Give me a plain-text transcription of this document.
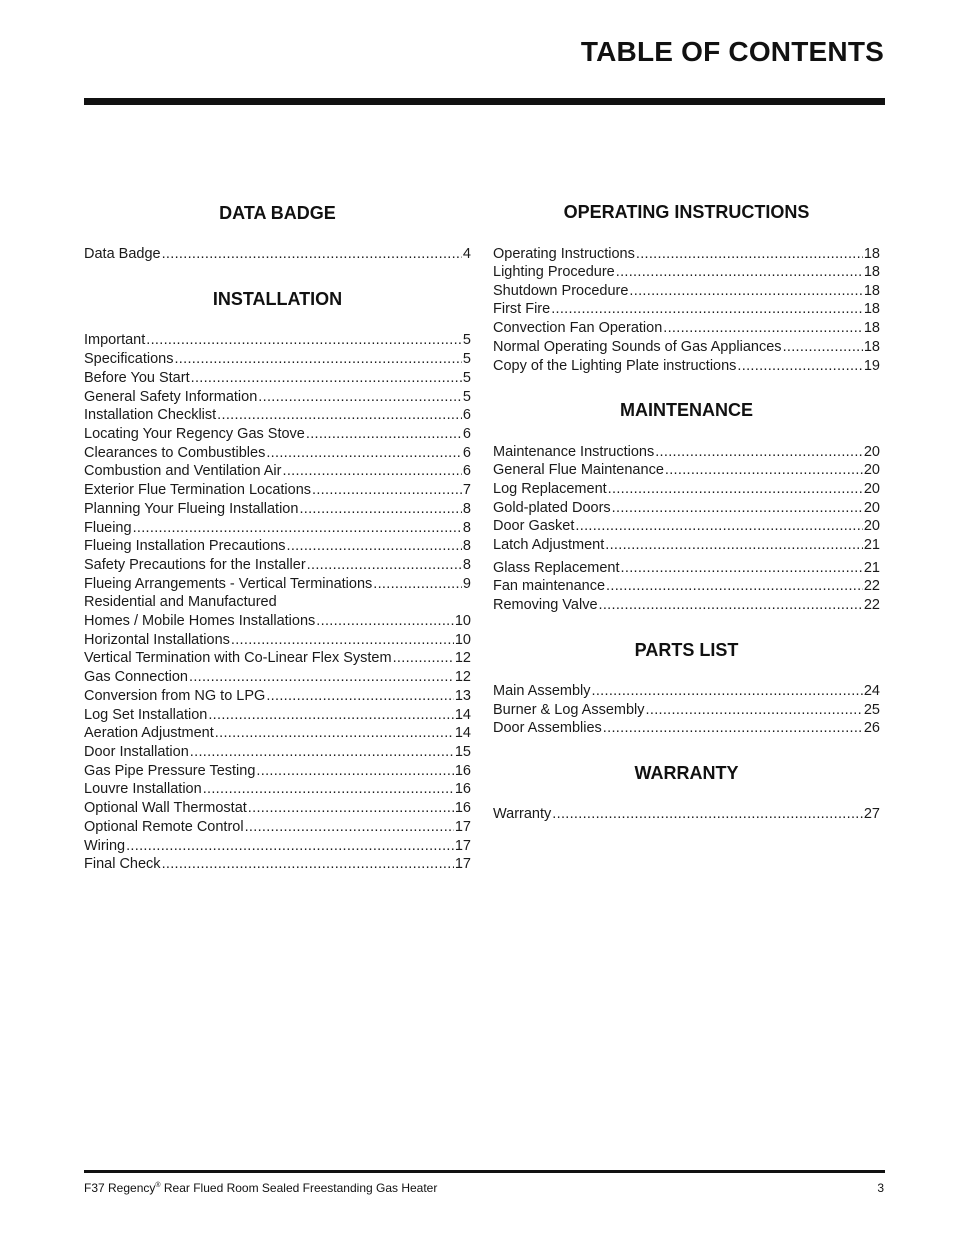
TABLE OF CONTENTS
DATA BADGE
Data Badge .....	4
INSTALLATION
Important .....	5
Specifications .....	5
Before You Start .....	5
General Safety Information .....	5
Installation Checklist .....	6
Locating Your Regency Gas Stove .....	6
Clearances to Combustibles .....	6
Combustion and Ventilation Air .....	6
Exterior Flue Termination Locations .....	7
Planning Your Flueing Installation .....	8
Flueing .....	8
Flueing Installation Precautions .....	8
Safety Precautions for the Installer .....	8
Flueing Arrangements - Vertical Terminations .....	9
Residential and Manufactured
Homes / Mobile Homes Installations .....	10
Horizontal Installations .....	10
Vertical Termination with Co-Linear Flex System .....	12
Gas Connection .....	12
Conversion from NG to LPG .....	13
Log Set Installation .....	14
Aeration Adjustment .....	14
Door Installation .....	15
Gas Pipe Pressure Testing .....	16
Louvre Installation .....	16
Optional Wall Thermostat .....	16
Optional Remote Control .....	17
Wiring .....	17
Final Check .....	17
OPERATING INSTRUCTIONS
Operating Instructions .....	18
Lighting Procedure .....	18
Shutdown Procedure .....	18
First Fire .....	18
Convection Fan Operation .....	18
Normal Operating Sounds of Gas Appliances .....	18
Copy of the Lighting Plate instructions .....	19
MAINTENANCE
Maintenance Instructions .....	20
General Flue Maintenance .....	20
Log Replacement .....	20
Gold-plated Doors .....	20
Door Gasket .....	20
Latch Adjustment .....	21
Glass Replacement .....	21
Fan maintenance .....	22
Removing Valve .....	22
PARTS LIST
Main Assembly .....	24
Burner & Log Assembly .....	25
Door Assemblies .....	26
WARRANTY
Warranty .....	27
F37 Regency® Rear Flued Room Sealed Freestanding Gas Heater	3
